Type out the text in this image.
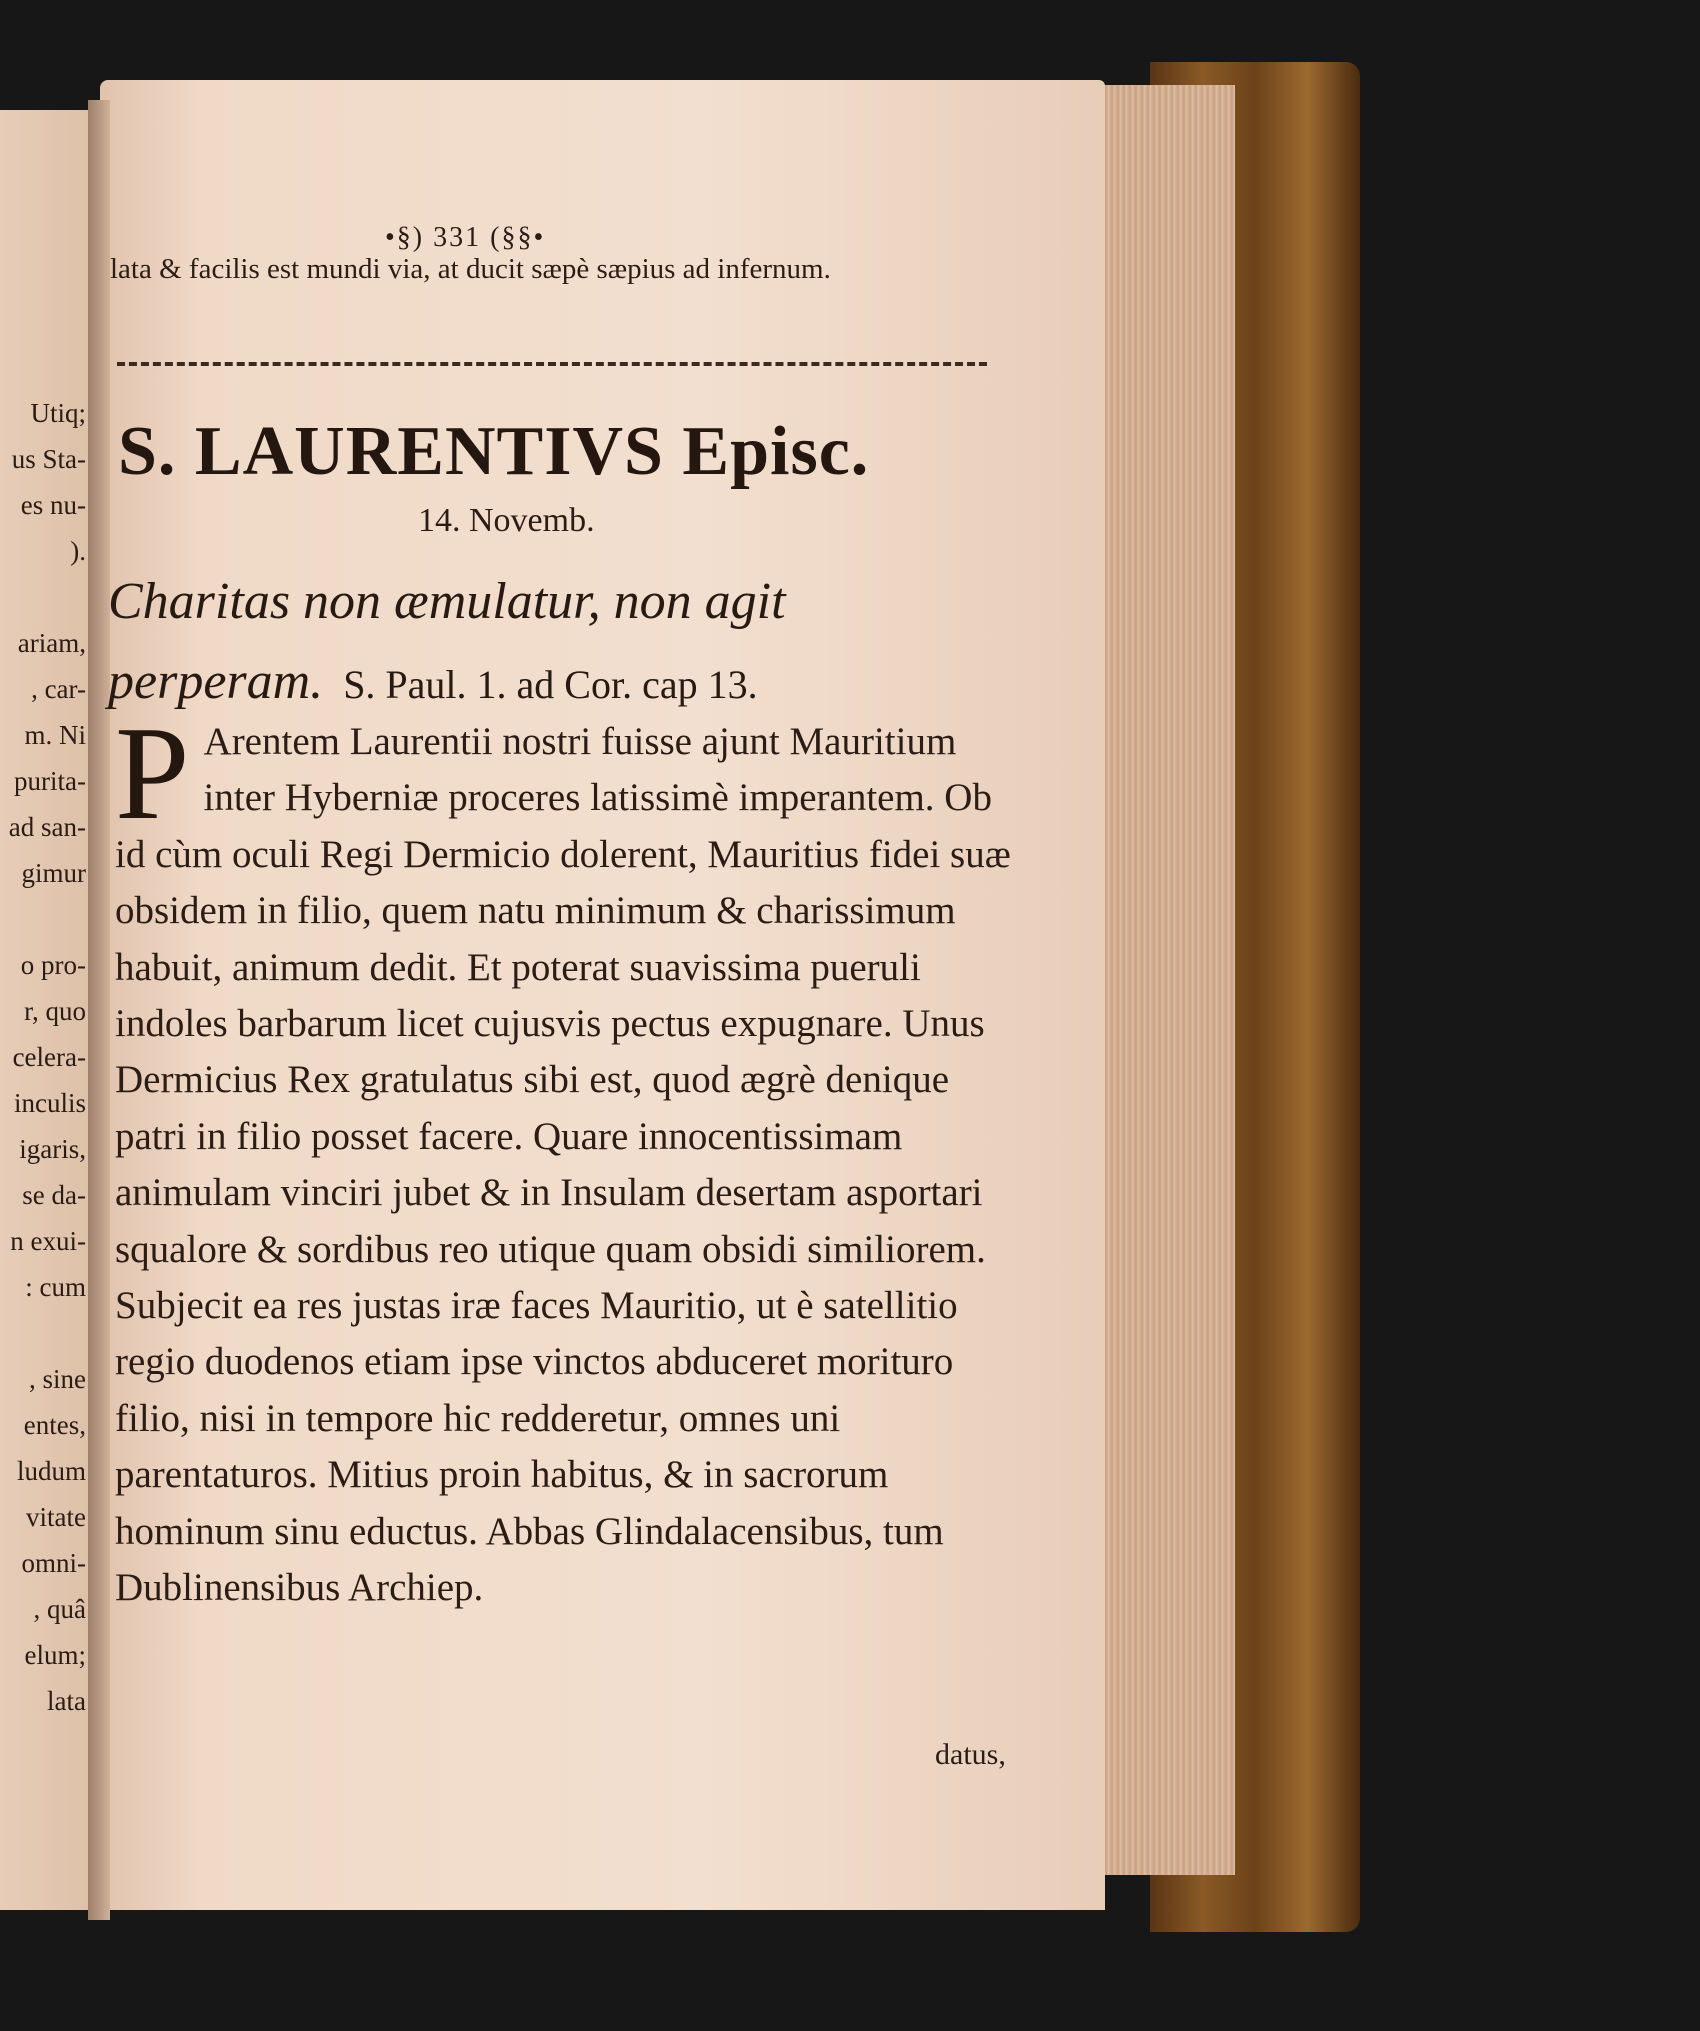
Utiq;
us Sta-
es nu-
).
ariam,
, car-
m. Ni
purita-
ad san-
gimur
o pro-
r, quo
celera-
inculis
igaris,
se da-
n exui-
: cum
, sine
entes,
ludum
vitate
omni-
, quâ
elum;
lata
•§) 331 (§§•
lata & facilis est mundi via, at ducit sæpè sæpius ad infernum.
S. LAURENTIVS Episc.
14. Novemb.
Charitas non æmulatur, non agit perperam. S. Paul. 1. ad Cor. cap 13.
P Arentem Laurentii nostri fuisse ajunt Mauritium inter Hyberniæ proceres latissimè imperantem. Ob id cùm oculi Regi Dermicio dolerent, Mauritius fidei suæ obsidem in filio, quem natu minimum & charissimum habuit, animum dedit. Et poterat suavissima pueruli indoles barbarum licet cujusvis pectus expugnare. Unus Dermicius Rex gratulatus sibi est, quod ægrè denique patri in filio posset facere. Quare innocentissimam animulam vinciri jubet & in Insulam desertam asportari squalore & sordibus reo utique quam obsidi similiorem. Subjecit ea res justas iræ faces Mauritio, ut è satellitio regio duodenos etiam ipse vinctos abduceret morituro filio, nisi in tempore hic redderetur, omnes uni parentaturos. Mitius proin habitus, & in sacrorum hominum sinu eductus. Abbas Glindalacensibus, tum Dublinensibus Archiep.
datus,
